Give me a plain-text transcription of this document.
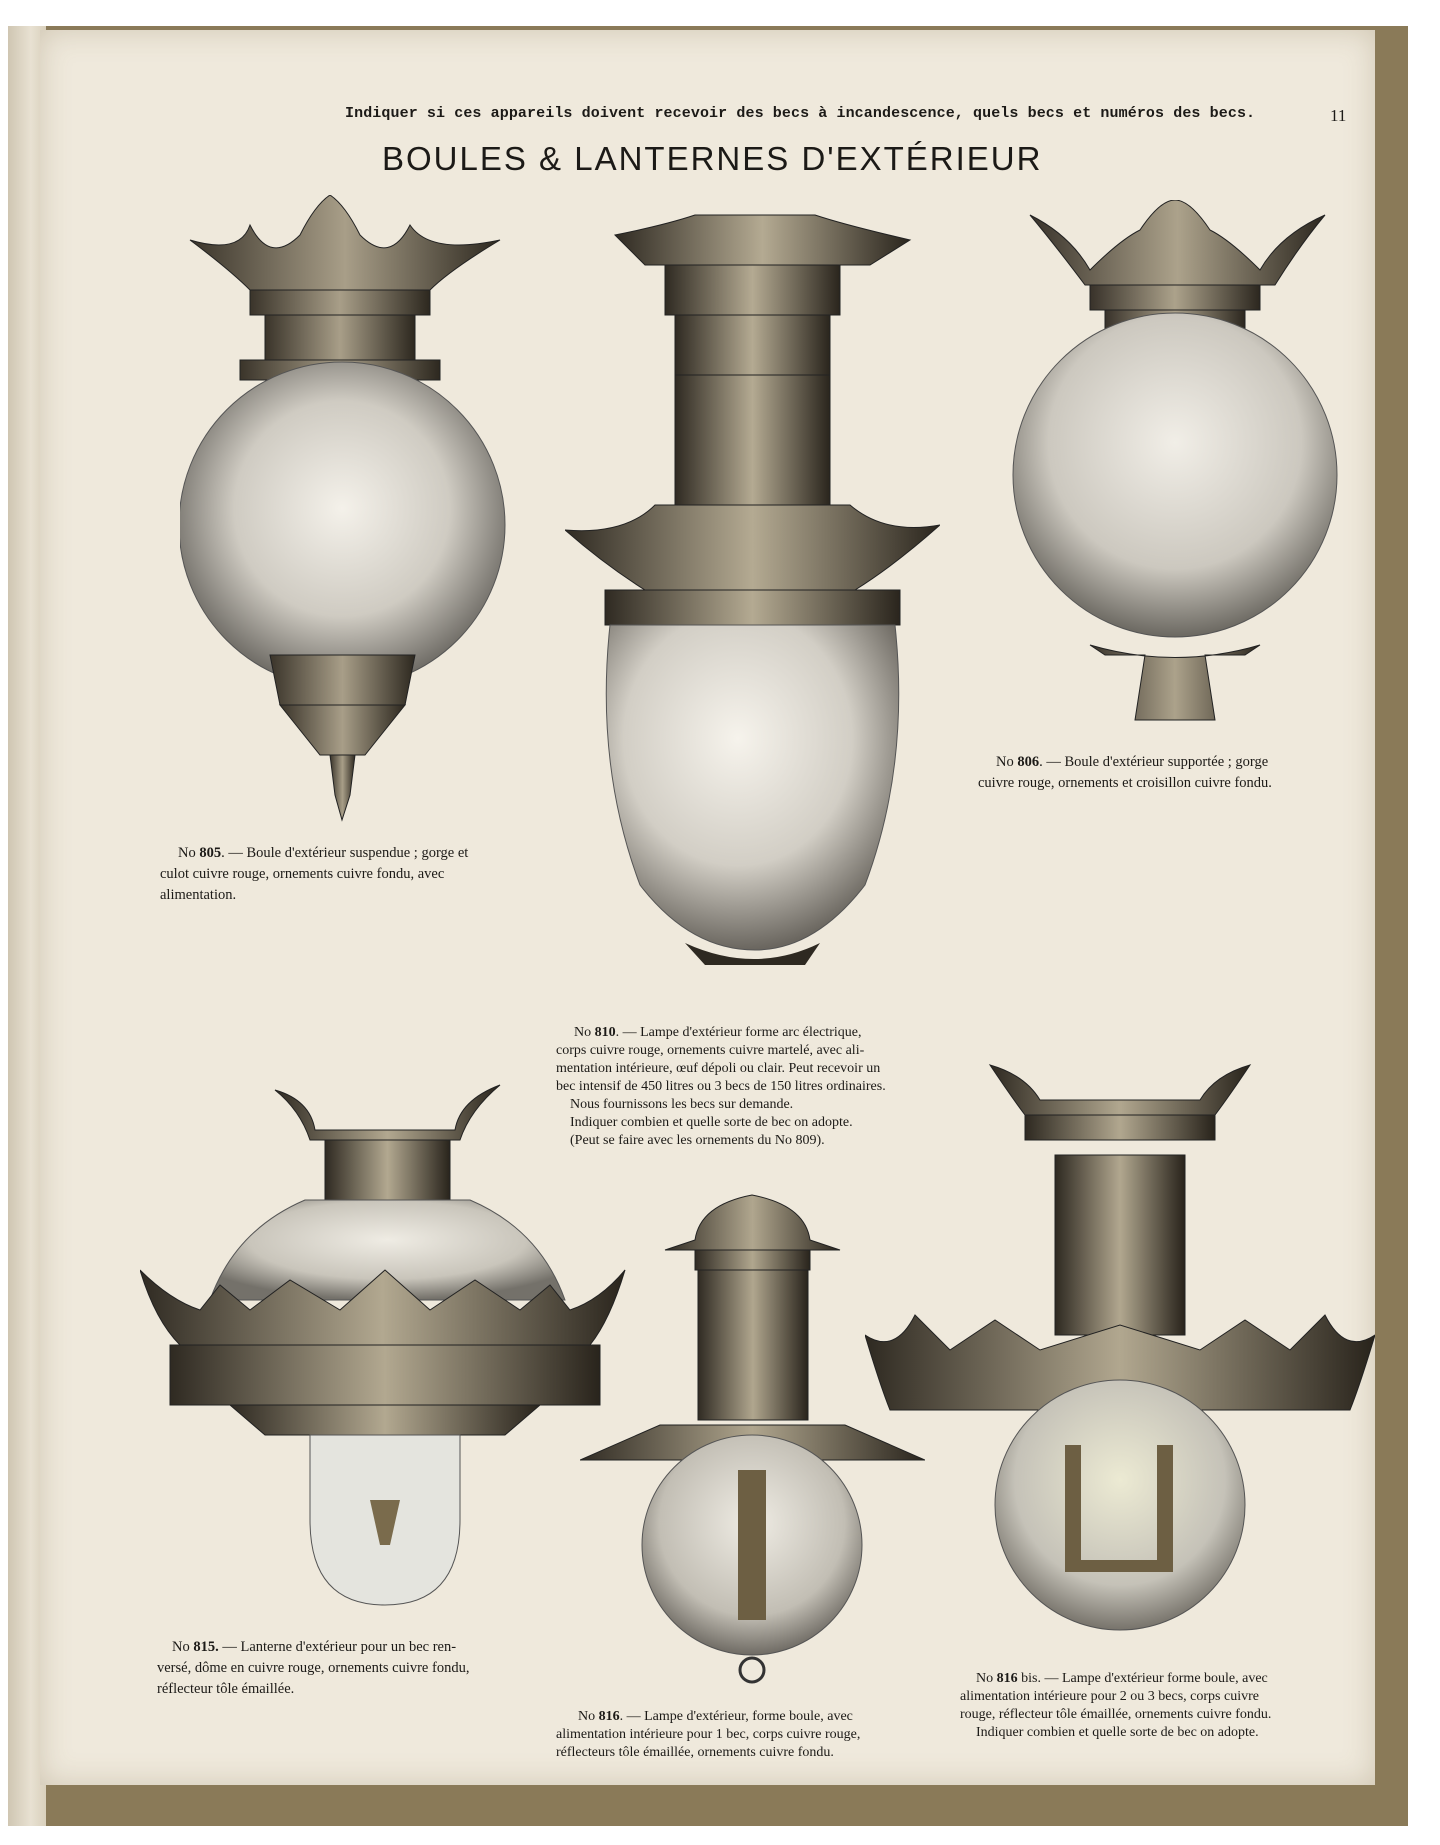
Indiquer si ces appareils doivent recevoir des becs à incandescence, quels becs et numéros des becs.	11
BOULES & LANTERNES D'EXTÉRIEUR
No 805. — Boule d'extérieur suspendue ; gorge et
culot cuivre rouge, ornements cuivre fondu, avec
alimentation.
No 806. — Boule d'extérieur supportée ; gorge
cuivre rouge, ornements et croisillon cuivre fondu.
No 810. — Lampe d'extérieur forme arc électrique,
corps cuivre rouge, ornements cuivre martelé, avec ali-
mentation intérieure, œuf dépoli ou clair. Peut recevoir un
bec intensif de 450 litres ou 3 becs de 150 litres ordinaires.
Nous fournissons les becs sur demande.
Indiquer combien et quelle sorte de bec on adopte.
(Peut se faire avec les ornements du No 809).
No 815. — Lanterne d'extérieur pour un bec ren-
versé, dôme en cuivre rouge, ornements cuivre fondu,
réflecteur tôle émaillée.
No 816. — Lampe d'extérieur, forme boule, avec
alimentation intérieure pour 1 bec, corps cuivre rouge,
réflecteurs tôle émaillée, ornements cuivre fondu.
No 816 bis. — Lampe d'extérieur forme boule, avec
alimentation intérieure pour 2 ou 3 becs, corps cuivre
rouge, réflecteur tôle émaillée, ornements cuivre fondu.
Indiquer combien et quelle sorte de bec on adopte.
